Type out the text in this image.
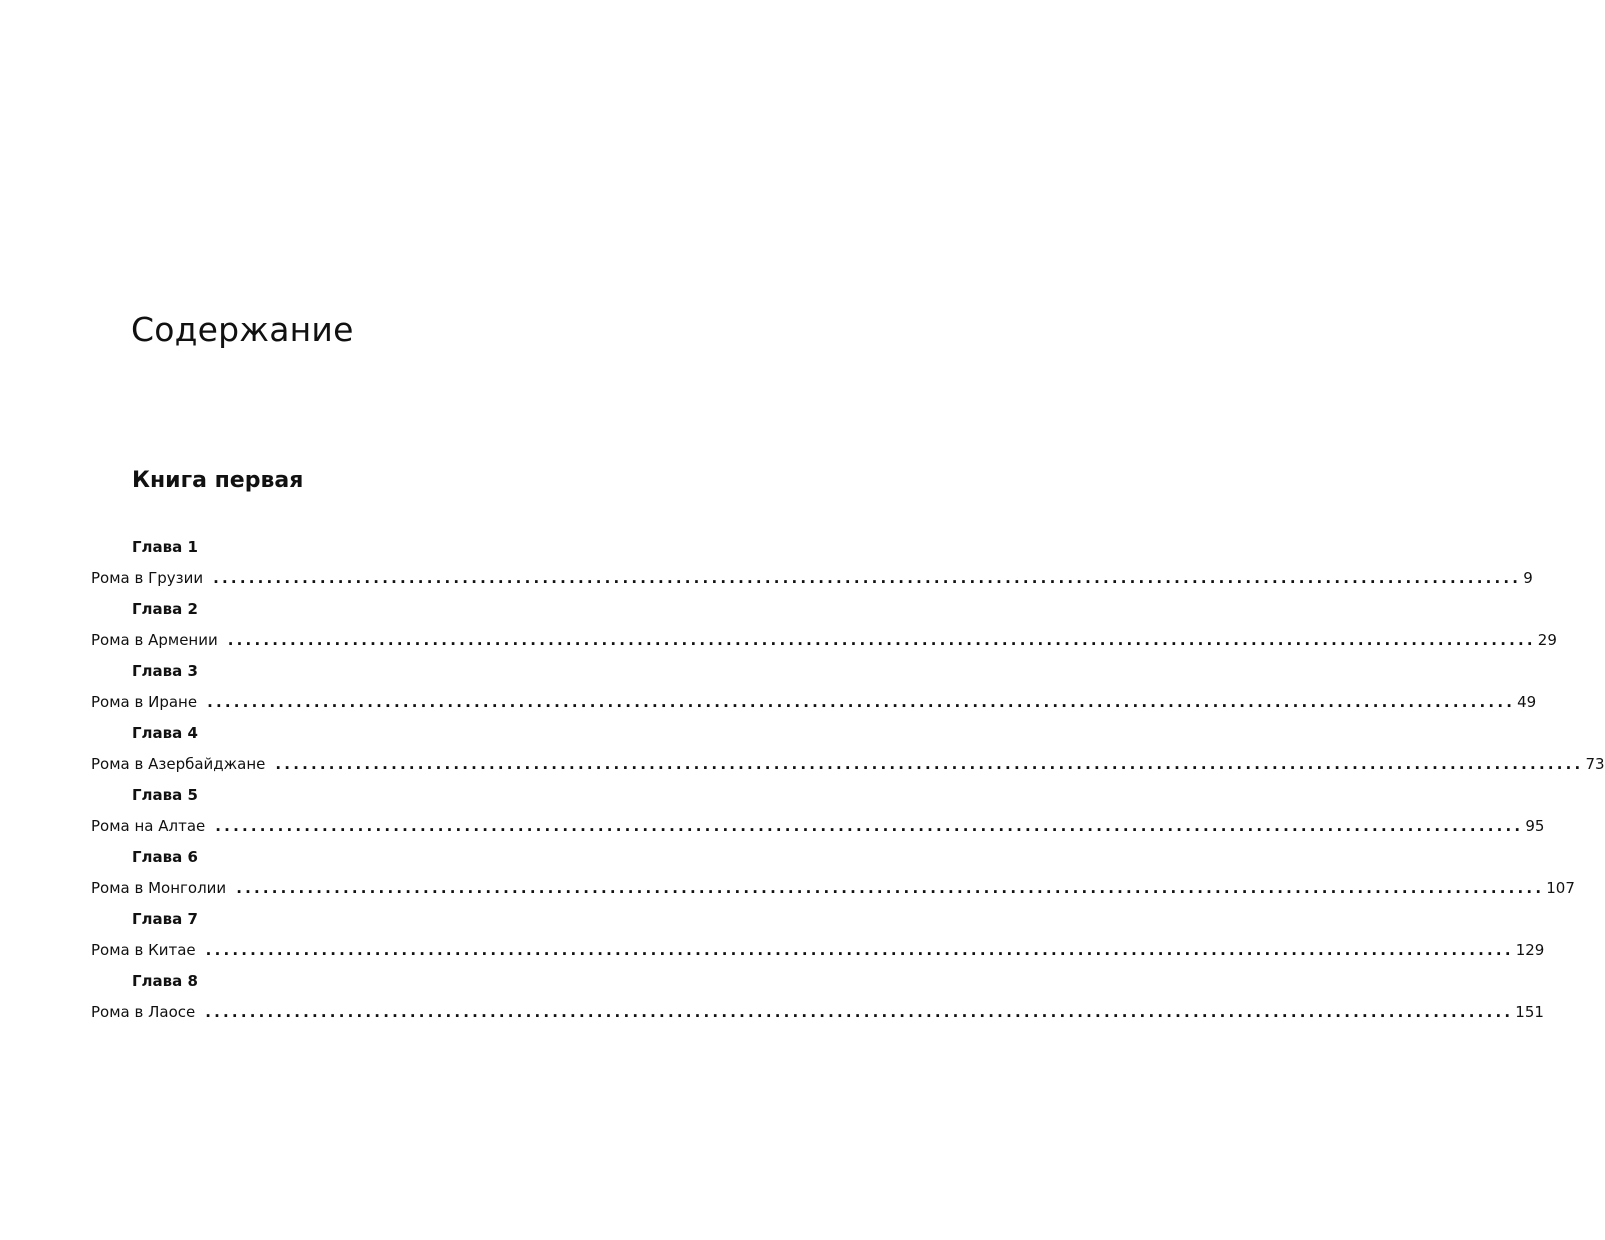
Содержание
Книга первая
Глава 1
Рома в Грузии ................................................................................................................................................... 9
Глава 2
Рома в Армении ................................................................................................................................................... 29
Глава 3
Рома в Иране ................................................................................................................................................... 49
Глава 4
Рома в Азербайджане ................................................................................................................................................... 73
Глава 5
Рома на Алтае ................................................................................................................................................... 95
Глава 6
Рома в Монголии ................................................................................................................................................... 107
Глава 7
Рома в Китае ................................................................................................................................................... 129
Глава 8
Рома в Лаосе ................................................................................................................................................... 151
